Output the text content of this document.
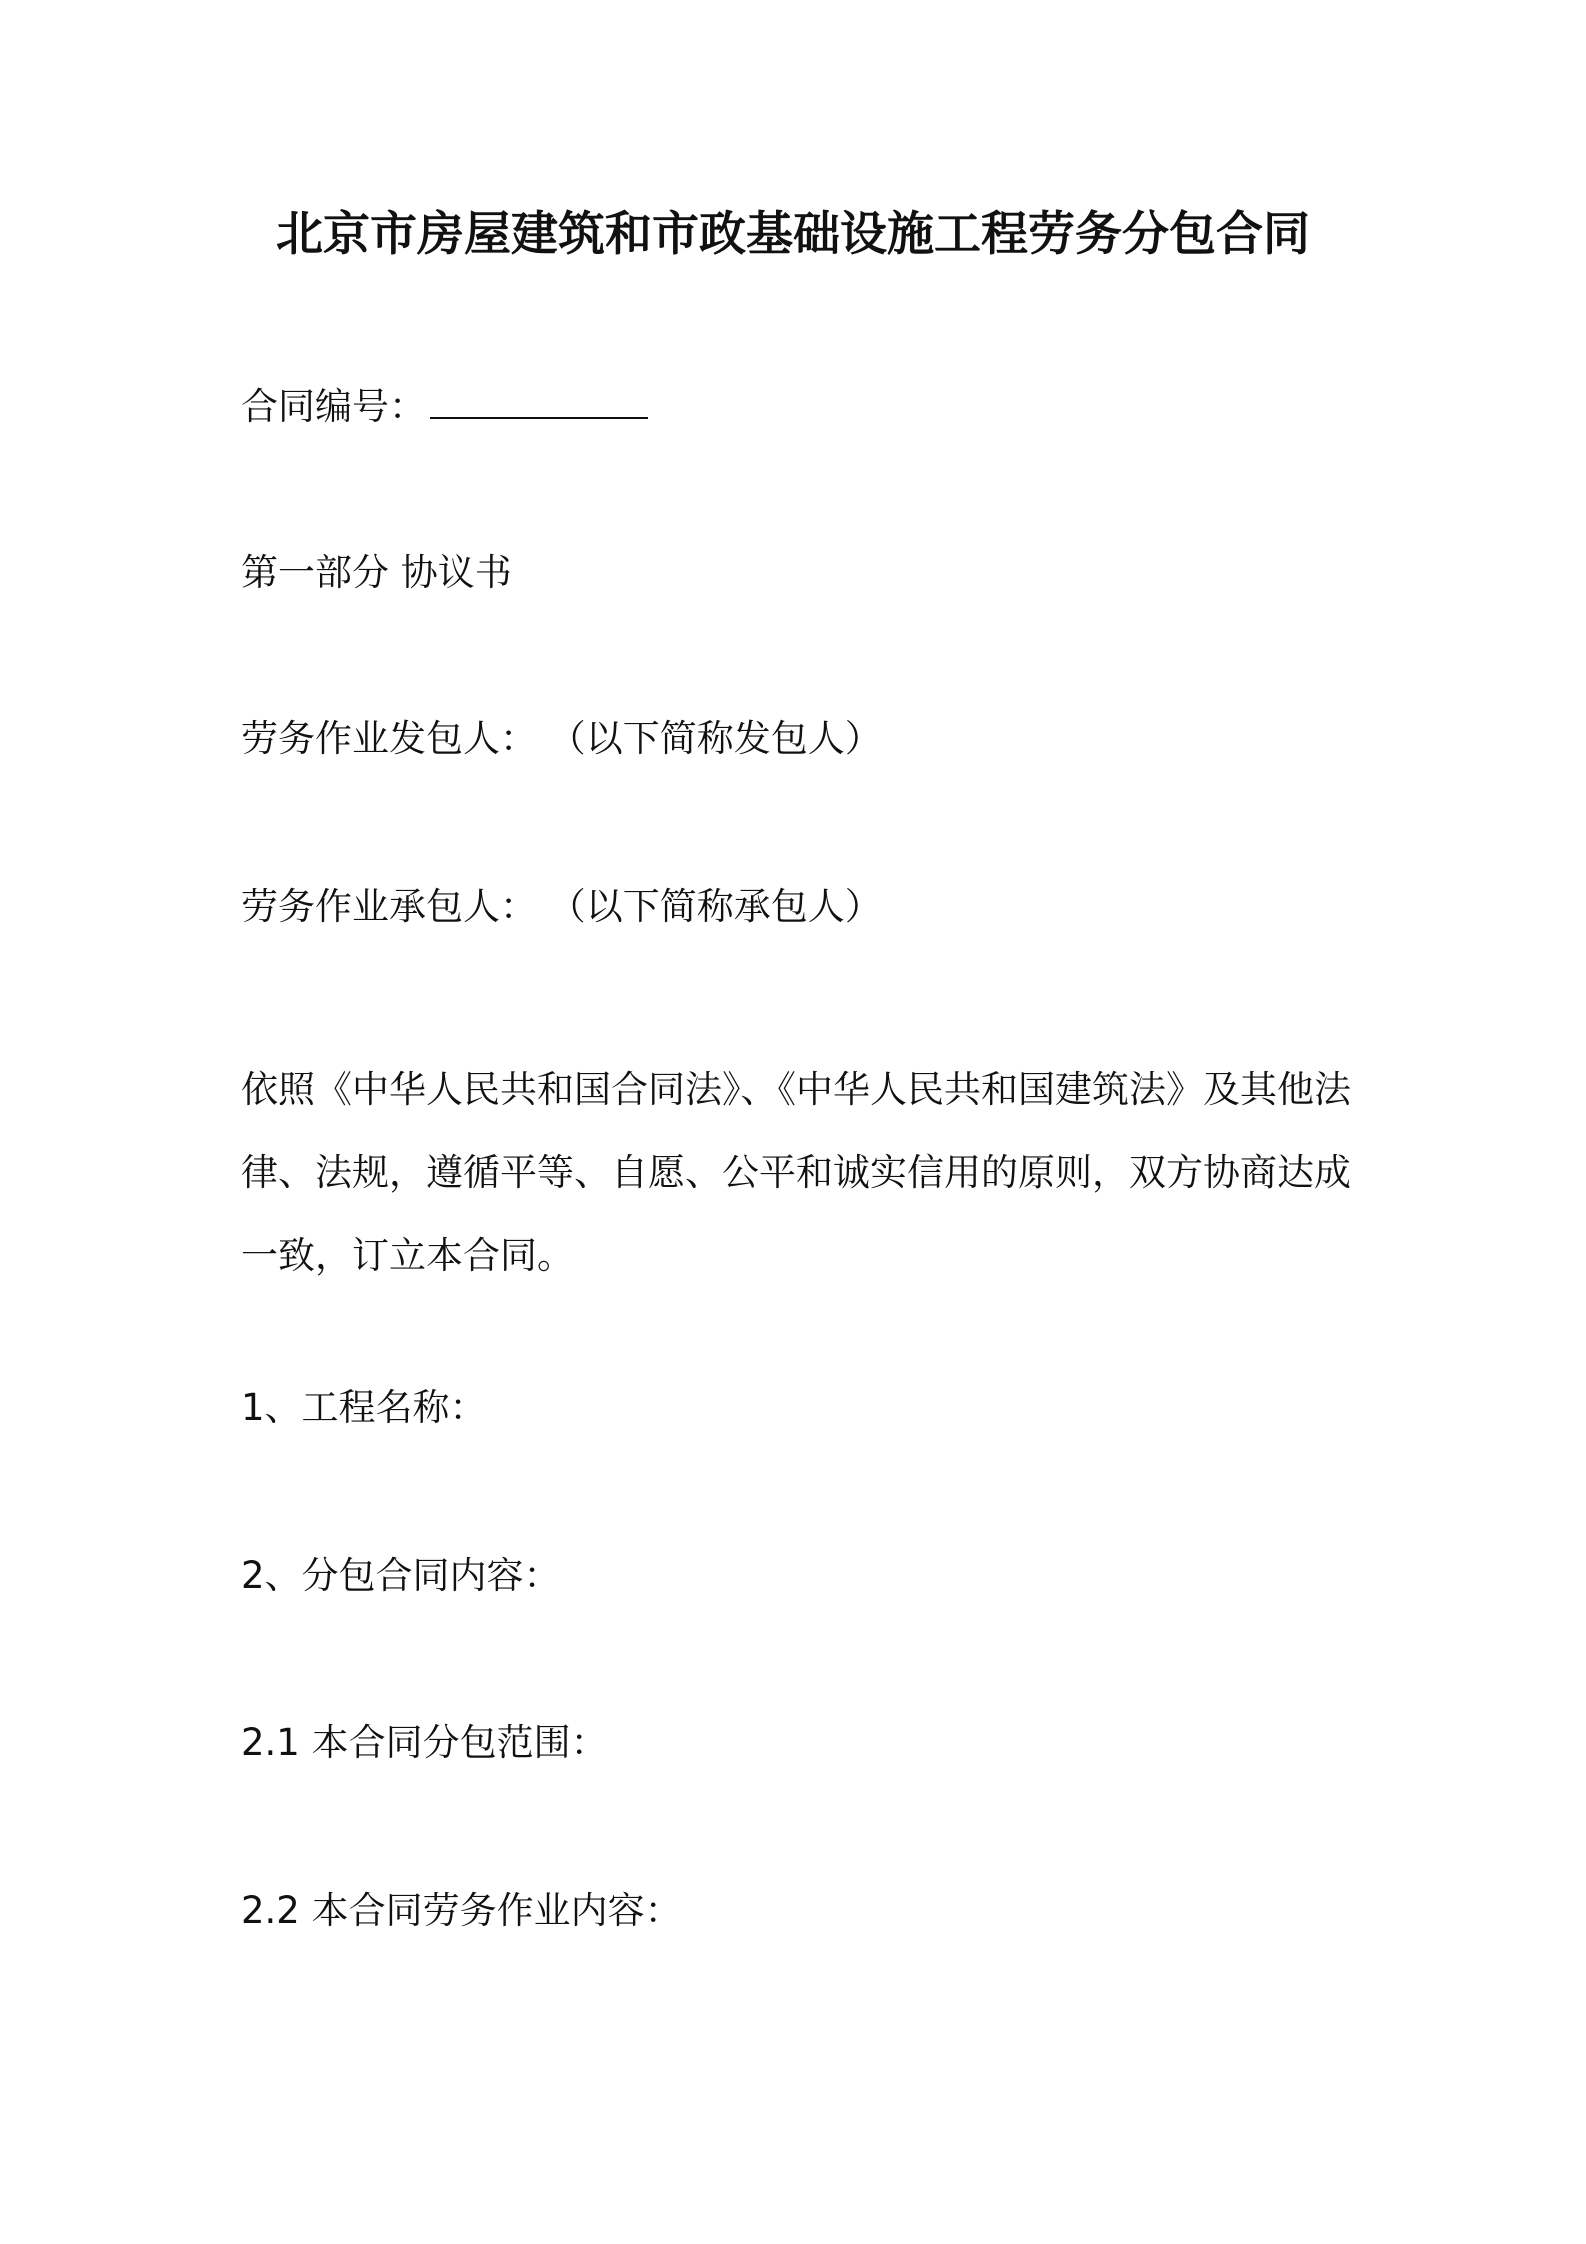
北京市房屋建筑和市政基础设施工程劳务分包合同
合同编号：
第一部分 协议书
劳务作业发包人： （以下简称发包人）
劳务作业承包人： （以下简称承包人）

依照《中华人民共和国合同法》、《中华人民共和国建筑法》及其他法

律、法规，遵循平等、自愿、公平和诚实信用的原则，双方协商达成

一致，订立本合同。

1、工程名称：
2、分包合同内容：
2.1 本合同分包范围：
2.2 本合同劳务作业内容：
